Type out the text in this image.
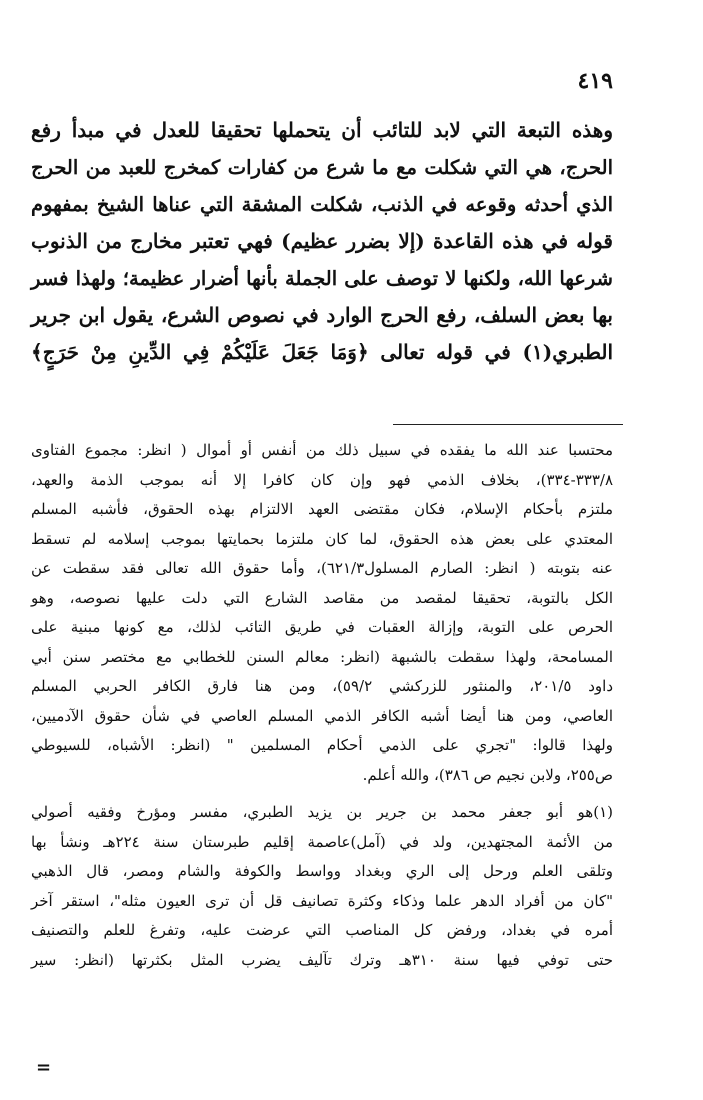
٤١٩
وهذه التبعة التي لابد للتائب أن يتحملها تحقيقا للعدل في مبدأ رفع
الحرج، هي التي شكلت مع ما شرع من كفارات كمخرج للعبد من الحرج
الذي أحدثه وقوعه في الذنب، شكلت المشقة التي عناها الشيخ بمفهوم
قوله في هذه القاعدة (إلا بضرر عظيم) فهي تعتبر مخارج من الذنوب
شرعها الله، ولكنها لا توصف على الجملة بأنها أضرار عظيمة؛ ولهذا فسر
بها بعض السلف، رفع الحرج الوارد في نصوص الشرع، يقول ابن جرير
الطبري(١) في قوله تعالى ﴿وَمَا جَعَلَ عَلَيْكُمْ فِي الدِّينِ مِنْ حَرَجٍ﴾
محتسبا عند الله ما يفقده في سبيل ذلك من أنفس أو أموال ( انظر: مجموع الفتاوى
٣٣٣/٨-٣٣٤)، بخلاف الذمي فهو وإن كان كافرا إلا أنه بموجب الذمة والعهد،
ملتزم بأحكام الإسلام، فكان مقتضى العهد الالتزام بهذه الحقوق، فأشبه المسلم
المعتدي على بعض هذه الحقوق، لما كان ملتزما بحمايتها بموجب إسلامه لم تسقط
عنه بتوبته ( انظر: الصارم المسلول٦٢١/٣)، وأما حقوق الله تعالى فقد سقطت عن
الكل بالتوبة، تحقيقا لمقصد من مقاصد الشارع التي دلت عليها نصوصه، وهو
الحرص على التوبة، وإزالة العقبات في طريق التائب لذلك، مع كونها مبنية على
المسامحة، ولهذا سقطت بالشبهة (انظر: معالم السنن للخطابي مع مختصر سنن أبي
داود ٢٠١/٥، والمنثور للزركشي ٥٩/٢)، ومن هنا فارق الكافر الحربي المسلم
العاصي، ومن هنا أيضا أشبه الكافر الذمي المسلم العاصي في شأن حقوق الآدميين،
ولهذا قالوا: "تجري على الذمي أحكام المسلمين " (انظر: الأشباه، للسيوطي
ص٢٥٥، ولابن نجيم ص ٣٨٦)، والله أعلم.
(١)هو أبو جعفر محمد بن جرير بن يزيد الطبري، مفسر ومؤرخ وفقيه أصولي
من الأئمة المجتهدين، ولد في (آمل)عاصمة إقليم طبرستان سنة ٢٢٤هـ ونشأ بها
وتلقى العلم ورحل إلى الري وبغداد وواسط والكوفة والشام ومصر، قال الذهبي
"كان من أفراد الدهر علما وذكاء وكثرة تصانيف قل أن ترى العيون مثله"، استقر آخر
أمره في بغداد، ورفض كل المناصب التي عرضت عليه، وتفرغ للعلم والتصنيف
حتى توفي فيها سنة ٣١٠هـ وترك تآليف يضرب المثل بكثرتها (انظر: سير
=
